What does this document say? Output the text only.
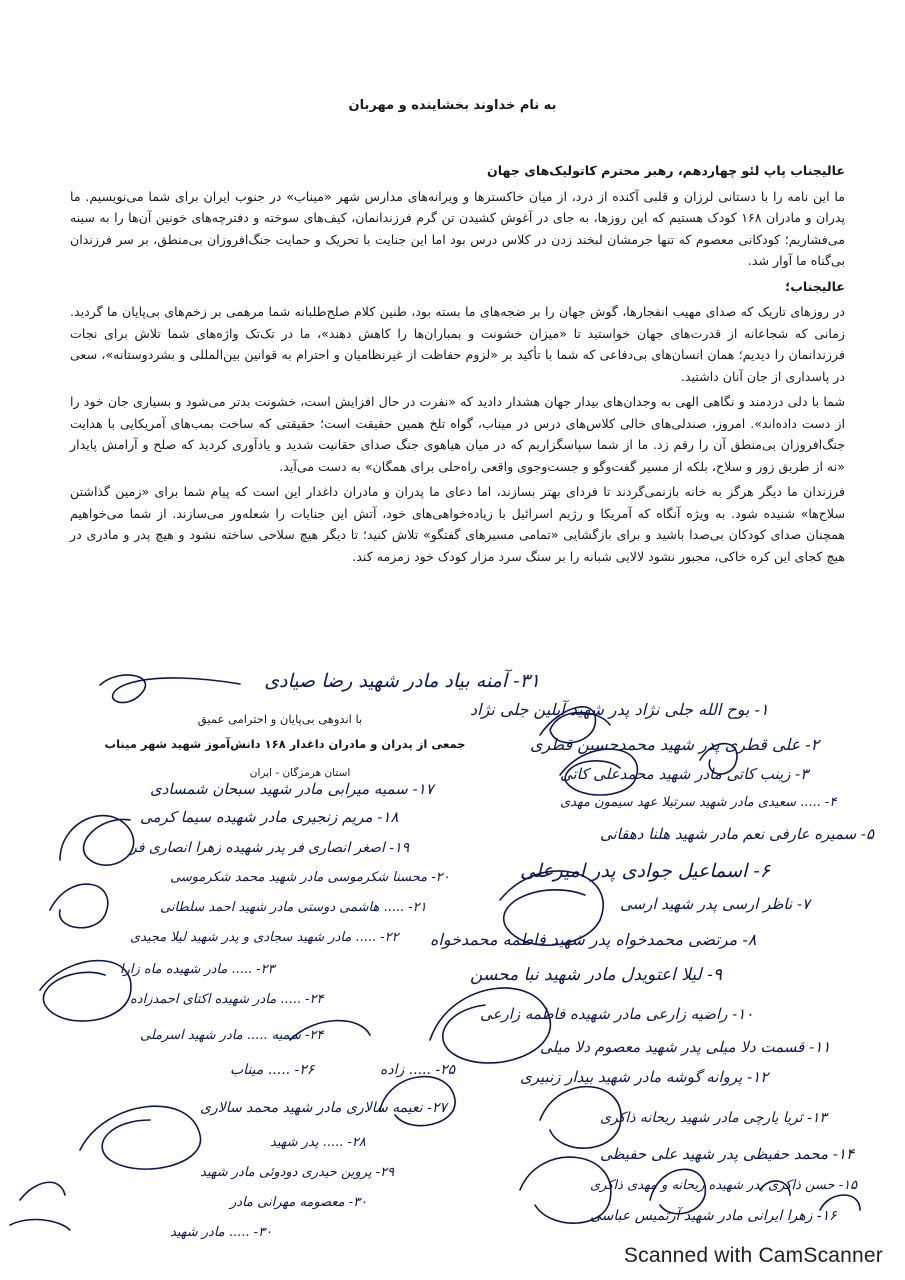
به نام خداوند بخشاینده و مهربان

عالیجناب پاپ لئو چهاردهم، رهبر محترم کاتولیک‌های جهان

ما این نامه را با دستانی لرزان و قلبی آکنده از درد، از میان خاکسترها و ویرانه‌های مدارس شهر «میناب» در جنوب ایران برای شما می‌نویسیم. ما پدران و مادران ۱۶۸ کودک هستیم که این روزها، به جای در آغوش کشیدن تن گرم فرزندانمان، کیف‌های سوخته و دفترچه‌های خونین آن‌ها را به سینه می‌فشاریم؛ کودکانی معصوم که تنها جرمشان لبخند زدن در کلاس درس بود اما این جنایت با تحریک و حمایت جنگ‌افروزان بی‌منطق، بر سر فرزندان بی‌گناه ما آوار شد.

عالیجناب؛

در روزهای تاریک که صدای مهیب انفجارها، گوش جهان را بر ضجه‌های ما بسته بود، طنین کلام صلح‌طلبانه شما مرهمی بر زخم‌های بی‌پایان ما گردید. زمانی که شجاعانه از قدرت‌های جهان خواستید تا «میزان خشونت و بمباران‌ها را کاهش دهند»، ما در تک‌تک واژه‌های شما تلاش برای نجات فرزندانمان را دیدیم؛ همان انسان‌های بی‌دفاعی که شما با تأکید بر «لزوم حفاظت از غیرنظامیان و احترام به قوانین بین‌المللی و بشردوستانه»، سعی در پاسداری از جان آنان داشتید.

شما با دلی دردمند و نگاهی الهی به وجدان‌های بیدار جهان هشدار دادید که «نفرت در حال افزایش است، خشونت بدتر می‌شود و بسیاری جان خود را از دست داده‌اند». امروز، صندلی‌های خالی کلاس‌های درس در میناب، گواه تلخ همین حقیقت است؛ حقیقتی که ساخت بمب‌های آمریکایی با هدایت جنگ‌افروزان بی‌منطق آن را رقم زد. ما از شما سپاسگزاریم که در میان هیاهوی جنگ صدای حقانیت شدید و یادآوری کردید که صلح و آرامش پایدار «نه از طریق زور و سلاح، بلکه از مسیر گفت‌وگو و جست‌وجوی واقعی راه‌حلی برای همگان» به دست می‌آید.

فرزندان ما دیگر هرگز به خانه بازنمی‌گردند تا فردای بهتر بسازند، اما دعای ما پدران و مادران داغدار این است که پیام شما برای «زمین گذاشتن سلاح‌ها» شنیده شود. به ویژه آنگاه که آمریکا و رژیم اسرائیل با زیاده‌خواهی‌های خود، آتش این جنایات را شعله‌ور می‌سازند. از شما می‌خواهیم همچنان صدای کودکان بی‌صدا باشید و برای بازگشایی «تمامی مسیرهای گفتگو» تلاش کنید؛ تا دیگر هیچ سلاحی ساخته نشود و هیچ پدر و مادری در هیچ کجای این کره خاکی، مجبور نشود لالایی شبانه را بر سنگ سرد مزار کودک خود زمزمه کند.

۳۱- آمنه بیاد مادر شهید رضا صیادی
با اندوهی بی‌پایان و احترامی عمیق
جمعی از پدران و مادران داغدار ۱۶۸ دانش‌آموز شهید شهر میناب
استان هرمزگان - ایران
۱- بوح الله جلی نژاد پدر شهید آیلین جلی نژاد
۲- علی قطری پدر شهید محمدحسین قطری
۳- زینب کاتی مادر شهید محمدعلی کاتی
۴- ..... سعیدی مادر شهید سرتیلا عهد سیمون مهدی
۵- سمیره عارفی نعم مادر شهید هلنا دهقانی
۶- اسماعیل جوادی پدر امیرعلی
۷- ناظر ارسی پدر شهید ارسی
۸- مرتضی محمدخواه پدر شهید فاطمه محمدخواه
۹- لیلا اعتویدل مادر شهید نبا محسن
۱۰- راضیه زارعی مادر شهیده فاطمه زارعی
۱۱- قسمت دلا میلی پدر شهید معصوم دلا میلی
۱۲- پروانه گوشه مادر شهید بیدار زنبیری
۱۳- ثریا یارچی مادر شهید ریحانه ذاکری
۱۴- محمد حفیظی پدر شهید علی حفیظی
۱۵- حسن ذاکری پدر شهیده ریحانه و مهدی ذاکری
۱۶- زهرا ایرانی مادر شهید آرتمیس عباسی
۱۷- سمیه میرابی مادر شهید سبحان شمسادی
۱۸- مریم زنجیری مادر شهیده سیما کرمی
۱۹- اصغر انصاری فر پدر شهیده زهرا انصاری فر
۲۰- محسنا شکرموسی مادر شهید محمد شکرموسی
۲۱- ..... هاشمی دوستی مادر شهید احمد سلطانی
۲۲- ..... مادر شهید سجادی و پدر شهید لیلا مجیدی
۲۳- ..... مادر شهیده ماه زارا
۲۴- ..... مادر شهیده اکتای احمدزاده
۲۴- سمیه ..... مادر شهید اسرملی
۲۵- ..... زاده
۲۶- ..... میناب
۲۷- نعیمه سالاری مادر شهید محمد سالاری
۲۸- ..... پدر شهید
۲۹- پروین حیدری دودوئی مادر شهید
۳۰- معصومه مهرانی مادر
۳۰- ..... مادر شهید
Scanned with CamScanner
